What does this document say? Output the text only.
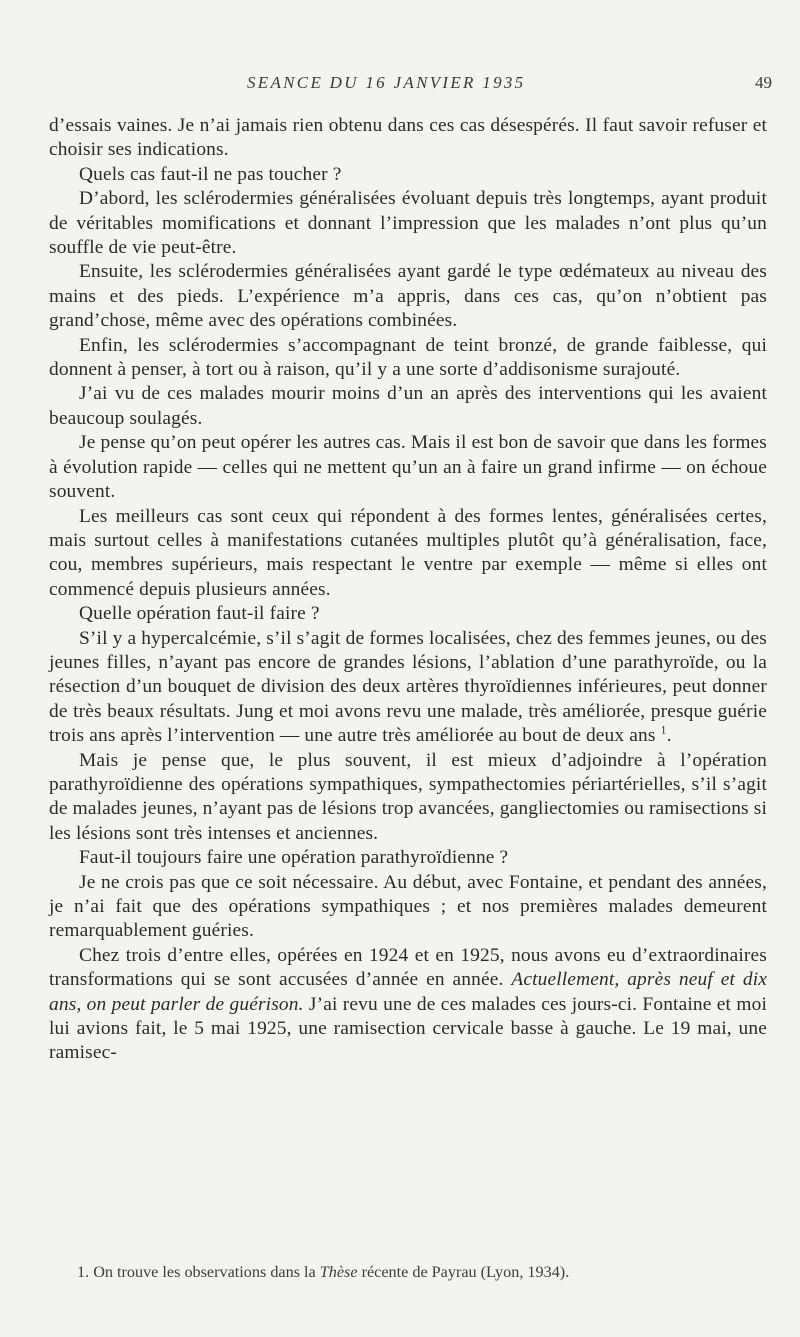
SEANCE DU 16 JANVIER 1935	49

d’essais vaines. Je n’ai jamais rien obtenu dans ces cas désespérés. Il faut savoir refuser et choisir ses indications.

Quels cas faut-il ne pas toucher ?

D’abord, les sclérodermies généralisées évoluant depuis très longtemps, ayant produit de véritables momifications et donnant l’impression que les malades n’ont plus qu’un souffle de vie peut-être.

Ensuite, les sclérodermies généralisées ayant gardé le type œdémateux au niveau des mains et des pieds. L’expérience m’a appris, dans ces cas, qu’on n’obtient pas grand’chose, même avec des opérations combinées.

Enfin, les sclérodermies s’accompagnant de teint bronzé, de grande faiblesse, qui donnent à penser, à tort ou à raison, qu’il y a une sorte d’addisonisme surajouté.

J’ai vu de ces malades mourir moins d’un an après des interventions qui les avaient beaucoup soulagés.

Je pense qu’on peut opérer les autres cas. Mais il est bon de savoir que dans les formes à évolution rapide — celles qui ne mettent qu’un an à faire un grand infirme — on échoue souvent.

Les meilleurs cas sont ceux qui répondent à des formes lentes, généralisées certes, mais surtout celles à manifestations cutanées multiples plutôt qu’à généralisation, face, cou, membres supérieurs, mais respectant le ventre par exemple — même si elles ont commencé depuis plusieurs années.

Quelle opération faut-il faire ?

S’il y a hypercalcémie, s’il s’agit de formes localisées, chez des femmes jeunes, ou des jeunes filles, n’ayant pas encore de grandes lésions, l’ablation d’une parathyroïde, ou la résection d’un bouquet de division des deux artères thyroïdiennes inférieures, peut donner de très beaux résultats. Jung et moi avons revu une malade, très améliorée, presque guérie trois ans après l’intervention — une autre très améliorée au bout de deux ans $^1$.

Mais je pense que, le plus souvent, il est mieux d’adjoindre à l’opération parathyroïdienne des opérations sympathiques, sympathectomies périartérielles, s’il s’agit de malades jeunes, n’ayant pas de lésions trop avancées, gangliectomies ou ramisections si les lésions sont très intenses et anciennes.

Faut-il toujours faire une opération parathyroïdienne ?

Je ne crois pas que ce soit nécessaire. Au début, avec Fontaine, et pendant des années, je n’ai fait que des opérations sympathiques ; et nos premières malades demeurent remarquablement guéries.

Chez trois d’entre elles, opérées en 1924 et en 1925, nous avons eu d’extraordinaires transformations qui se sont accusées d’année en année. Actuellement, après neuf et dix ans, on peut parler de guérison. J’ai revu une de ces malades ces jours-ci. Fontaine et moi lui avions fait, le 5 mai 1925, une ramisection cervicale basse à gauche. Le 19 mai, une ramisec-

1. On trouve les observations dans la Thèse récente de Payrau (Lyon, 1934).
